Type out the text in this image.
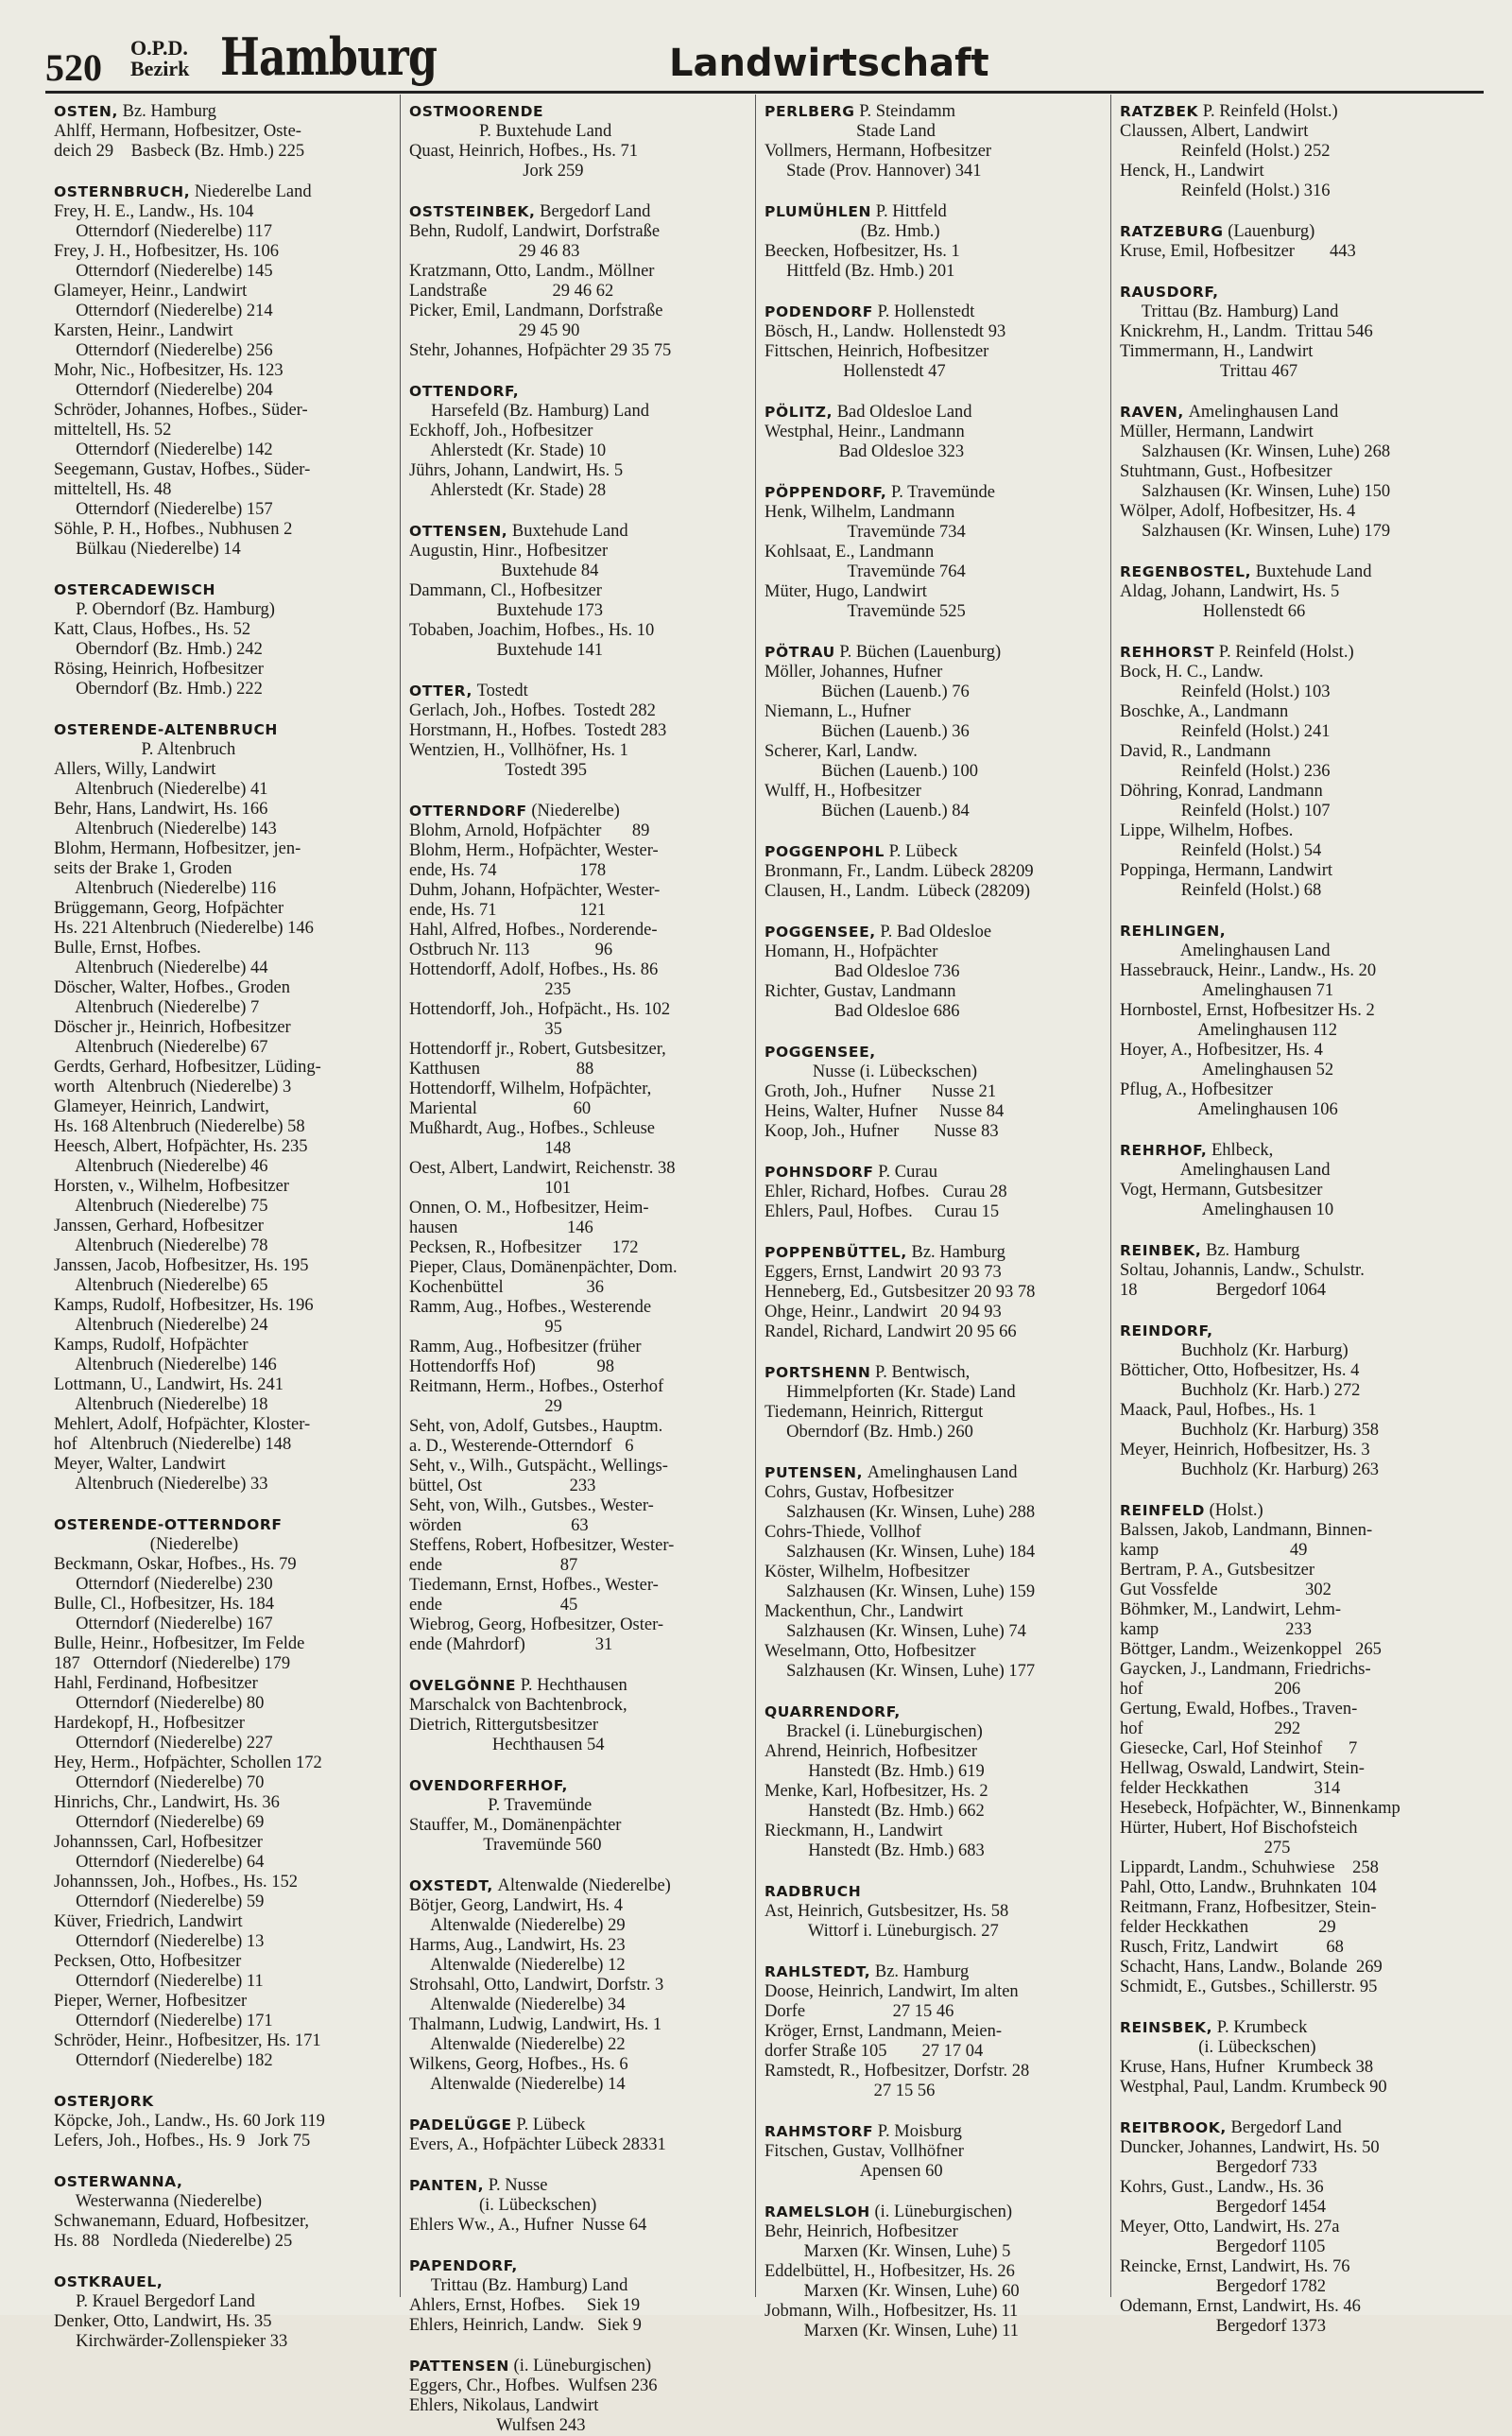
520 O.P.D.
Bezirk Hamburg	Landwirtschaft
OSTEN, Bz. Hamburg
Ahlff, Hermann, Hofbesitzer, Oste-
deich 29    Basbeck (Bz. Hmb.) 225
OSTERNBRUCH, Niederelbe Land
Frey, H. E., Landw., Hs. 104
Otterndorf (Niederelbe) 117
Frey, J. H., Hofbesitzer, Hs. 106
Otterndorf (Niederelbe) 145
Glameyer, Heinr., Landwirt
Otterndorf (Niederelbe) 214
Karsten, Heinr., Landwirt
Otterndorf (Niederelbe) 256
Mohr, Nic., Hofbesitzer, Hs. 123
Otterndorf (Niederelbe) 204
Schröder, Johannes, Hofbes., Süder-
mitteltell, Hs. 52
Otterndorf (Niederelbe) 142
Seegemann, Gustav, Hofbes., Süder-
mitteltell, Hs. 48
Otterndorf (Niederelbe) 157
Söhle, P. H., Hofbes., Nubhusen 2
Bülkau (Niederelbe) 14
OSTERCADEWISCH
P. Oberndorf (Bz. Hamburg)
Katt, Claus, Hofbes., Hs. 52
Oberndorf (Bz. Hmb.) 242
Rösing, Heinrich, Hofbesitzer
Oberndorf (Bz. Hmb.) 222
OSTERENDE-ALTENBRUCH
P. Altenbruch
Allers, Willy, Landwirt
Altenbruch (Niederelbe) 41
Behr, Hans, Landwirt, Hs. 166
Altenbruch (Niederelbe) 143
Blohm, Hermann, Hofbesitzer, jen-
seits der Brake 1, Groden
Altenbruch (Niederelbe) 116
Brüggemann, Georg, Hofpächter
Hs. 221 Altenbruch (Niederelbe) 146
Bulle, Ernst, Hofbes.
Altenbruch (Niederelbe) 44
Döscher, Walter, Hofbes., Groden
Altenbruch (Niederelbe) 7
Döscher jr., Heinrich, Hofbesitzer
Altenbruch (Niederelbe) 67
Gerdts, Gerhard, Hofbesitzer, Lüding-
worth   Altenbruch (Niederelbe) 3
Glameyer, Heinrich, Landwirt,
Hs. 168 Altenbruch (Niederelbe) 58
Heesch, Albert, Hofpächter, Hs. 235
Altenbruch (Niederelbe) 46
Horsten, v., Wilhelm, Hofbesitzer
Altenbruch (Niederelbe) 75
Janssen, Gerhard, Hofbesitzer
Altenbruch (Niederelbe) 78
Janssen, Jacob, Hofbesitzer, Hs. 195
Altenbruch (Niederelbe) 65
Kamps, Rudolf, Hofbesitzer, Hs. 196
Altenbruch (Niederelbe) 24
Kamps, Rudolf, Hofpächter
Altenbruch (Niederelbe) 146
Lottmann, U., Landwirt, Hs. 241
Altenbruch (Niederelbe) 18
Mehlert, Adolf, Hofpächter, Kloster-
hof   Altenbruch (Niederelbe) 148
Meyer, Walter, Landwirt
Altenbruch (Niederelbe) 33
OSTERENDE-OTTERNDORF
(Niederelbe)
Beckmann, Oskar, Hofbes., Hs. 79
Otterndorf (Niederelbe) 230
Bulle, Cl., Hofbesitzer, Hs. 184
Otterndorf (Niederelbe) 167
Bulle, Heinr., Hofbesitzer, Im Felde
187   Otterndorf (Niederelbe) 179
Hahl, Ferdinand, Hofbesitzer
Otterndorf (Niederelbe) 80
Hardekopf, H., Hofbesitzer
Otterndorf (Niederelbe) 227
Hey, Herm., Hofpächter, Schollen 172
Otterndorf (Niederelbe) 70
Hinrichs, Chr., Landwirt, Hs. 36
Otterndorf (Niederelbe) 69
Johannssen, Carl, Hofbesitzer
Otterndorf (Niederelbe) 64
Johannssen, Joh., Hofbes., Hs. 152
Otterndorf (Niederelbe) 59
Küver, Friedrich, Landwirt
Otterndorf (Niederelbe) 13
Pecksen, Otto, Hofbesitzer
Otterndorf (Niederelbe) 11
Pieper, Werner, Hofbesitzer
Otterndorf (Niederelbe) 171
Schröder, Heinr., Hofbesitzer, Hs. 171
Otterndorf (Niederelbe) 182
OSTERJORK
Köpcke, Joh., Landw., Hs. 60 Jork 119
Lefers, Joh., Hofbes., Hs. 9   Jork 75
OSTERWANNA,
Westerwanna (Niederelbe)
Schwanemann, Eduard, Hofbesitzer,
Hs. 88   Nordleda (Niederelbe) 25
OSTKRAUEL,
P. Krauel Bergedorf Land
Denker, Otto, Landwirt, Hs. 35
Kirchwärder-Zollenspieker 33
OSTMOORENDE
P. Buxtehude Land
Quast, Heinrich, Hofbes., Hs. 71
Jork 259
OSTSTEINBEK, Bergedorf Land
Behn, Rudolf, Landwirt, Dorfstraße
29 46 83
Kratzmann, Otto, Landm., Möllner
Landstraße               29 46 62
Picker, Emil, Landmann, Dorfstraße
29 45 90
Stehr, Johannes, Hofpächter 29 35 75
OTTENDORF,
Harsefeld (Bz. Hamburg) Land
Eckhoff, Joh., Hofbesitzer
Ahlerstedt (Kr. Stade) 10
Jührs, Johann, Landwirt, Hs. 5
Ahlerstedt (Kr. Stade) 28
OTTENSEN, Buxtehude Land
Augustin, Hinr., Hofbesitzer
Buxtehude 84
Dammann, Cl., Hofbesitzer
Buxtehude 173
Tobaben, Joachim, Hofbes., Hs. 10
Buxtehude 141
OTTER, Tostedt
Gerlach, Joh., Hofbes.  Tostedt 282
Horstmann, H., Hofbes.  Tostedt 283
Wentzien, H., Vollhöfner, Hs. 1
Tostedt 395
OTTERNDORF (Niederelbe)
Blohm, Arnold, Hofpächter       89
Blohm, Herm., Hofpächter, Wester-
ende, Hs. 74                   178
Duhm, Johann, Hofpächter, Wester-
ende, Hs. 71                   121
Hahl, Alfred, Hofbes., Norderende-
Ostbruch Nr. 113               96
Hottendorff, Adolf, Hofbes., Hs. 86
235
Hottendorff, Joh., Hofpächt., Hs. 102
35
Hottendorff jr., Robert, Gutsbesitzer,
Katthusen                      88
Hottendorff, Wilhelm, Hofpächter,
Mariental                      60
Mußhardt, Aug., Hofbes., Schleuse
148
Oest, Albert, Landwirt, Reichenstr. 38
101
Onnen, O. M., Hofbesitzer, Heim-
hausen                         146
Pecksen, R., Hofbesitzer       172
Pieper, Claus, Domänenpächter, Dom.
Kochenbüttel                   36
Ramm, Aug., Hofbes., Westerende
95
Ramm, Aug., Hofbesitzer (früher
Hottendorffs Hof)              98
Reitmann, Herm., Hofbes., Osterhof
29
Seht, von, Adolf, Gutsbes., Hauptm.
a. D., Westerende-Otterndorf   6
Seht, v., Wilh., Gutspächt., Wellings-
büttel, Ost                    233
Seht, von, Wilh., Gutsbes., Wester-
wörden                         63
Steffens, Robert, Hofbesitzer, Wester-
ende                           87
Tiedemann, Ernst, Hofbes., Wester-
ende                           45
Wiebrog, Georg, Hofbesitzer, Oster-
ende (Mahrdorf)                31
OVELGÖNNE P. Hechthausen
Marschalck von Bachtenbrock,
Dietrich, Rittergutsbesitzer
Hechthausen 54
OVENDORFERHOF,
P. Travemünde
Stauffer, M., Domänenpächter
Travemünde 560
OXSTEDT, Altenwalde (Niederelbe)
Bötjer, Georg, Landwirt, Hs. 4
Altenwalde (Niederelbe) 29
Harms, Aug., Landwirt, Hs. 23
Altenwalde (Niederelbe) 12
Strohsahl, Otto, Landwirt, Dorfstr. 3
Altenwalde (Niederelbe) 34
Thalmann, Ludwig, Landwirt, Hs. 1
Altenwalde (Niederelbe) 22
Wilkens, Georg, Hofbes., Hs. 6
Altenwalde (Niederelbe) 14
PADELÜGGE P. Lübeck
Evers, A., Hofpächter Lübeck 28331
PANTEN, P. Nusse
(i. Lübeckschen)
Ehlers Ww., A., Hufner  Nusse 64
PAPENDORF,
Trittau (Bz. Hamburg) Land
Ahlers, Ernst, Hofbes.     Siek 19
Ehlers, Heinrich, Landw.   Siek 9
PATTENSEN (i. Lüneburgischen)
Eggers, Chr., Hofbes.  Wulfsen 236
Ehlers, Nikolaus, Landwirt
Wulfsen 243
PERLBERG P. Steindamm
Stade Land
Vollmers, Hermann, Hofbesitzer
Stade (Prov. Hannover) 341
PLUMÜHLEN P. Hittfeld
(Bz. Hmb.)
Beecken, Hofbesitzer, Hs. 1
Hittfeld (Bz. Hmb.) 201
PODENDORF P. Hollenstedt
Bösch, H., Landw.  Hollenstedt 93
Fittschen, Heinrich, Hofbesitzer
Hollenstedt 47
PÖLITZ, Bad Oldesloe Land
Westphal, Heinr., Landmann
Bad Oldesloe 323
PÖPPENDORF, P. Travemünde
Henk, Wilhelm, Landmann
Travemünde 734
Kohlsaat, E., Landmann
Travemünde 764
Müter, Hugo, Landwirt
Travemünde 525
PÖTRAU P. Büchen (Lauenburg)
Möller, Johannes, Hufner
Büchen (Lauenb.) 76
Niemann, L., Hufner
Büchen (Lauenb.) 36
Scherer, Karl, Landw.
Büchen (Lauenb.) 100
Wulff, H., Hofbesitzer
Büchen (Lauenb.) 84
POGGENPOHL P. Lübeck
Bronmann, Fr., Landm. Lübeck 28209
Clausen, H., Landm.  Lübeck (28209)
POGGENSEE, P. Bad Oldesloe
Homann, H., Hofpächter
Bad Oldesloe 736
Richter, Gustav, Landmann
Bad Oldesloe 686
POGGENSEE,
Nusse (i. Lübeckschen)
Groth, Joh., Hufner       Nusse 21
Heins, Walter, Hufner     Nusse 84
Koop, Joh., Hufner        Nusse 83
POHNSDORF P. Curau
Ehler, Richard, Hofbes.   Curau 28
Ehlers, Paul, Hofbes.     Curau 15
POPPENBÜTTEL, Bz. Hamburg
Eggers, Ernst, Landwirt  20 93 73
Henneberg, Ed., Gutsbesitzer 20 93 78
Ohge, Heinr., Landwirt   20 94 93
Randel, Richard, Landwirt 20 95 66
PORTSHENN P. Bentwisch,
Himmelpforten (Kr. Stade) Land
Tiedemann, Heinrich, Rittergut
Oberndorf (Bz. Hmb.) 260
PUTENSEN, Amelinghausen Land
Cohrs, Gustav, Hofbesitzer
Salzhausen (Kr. Winsen, Luhe) 288
Cohrs-Thiede, Vollhof
Salzhausen (Kr. Winsen, Luhe) 184
Köster, Wilhelm, Hofbesitzer
Salzhausen (Kr. Winsen, Luhe) 159
Mackenthun, Chr., Landwirt
Salzhausen (Kr. Winsen, Luhe) 74
Weselmann, Otto, Hofbesitzer
Salzhausen (Kr. Winsen, Luhe) 177
QUARRENDORF,
Brackel (i. Lüneburgischen)
Ahrend, Heinrich, Hofbesitzer
Hanstedt (Bz. Hmb.) 619
Menke, Karl, Hofbesitzer, Hs. 2
Hanstedt (Bz. Hmb.) 662
Rieckmann, H., Landwirt
Hanstedt (Bz. Hmb.) 683
RADBRUCH
Ast, Heinrich, Gutsbesitzer, Hs. 58
Wittorf i. Lüneburgisch. 27
RAHLSTEDT, Bz. Hamburg
Doose, Heinrich, Landwirt, Im alten
Dorfe                    27 15 46
Kröger, Ernst, Landmann, Meien-
dorfer Straße 105        27 17 04
Ramstedt, R., Hofbesitzer, Dorfstr. 28
27 15 56
RAHMSTORF P. Moisburg
Fitschen, Gustav, Vollhöfner
Apensen 60
RAMELSLOH (i. Lüneburgischen)
Behr, Heinrich, Hofbesitzer
Marxen (Kr. Winsen, Luhe) 5
Eddelbüttel, H., Hofbesitzer, Hs. 26
Marxen (Kr. Winsen, Luhe) 60
Jobmann, Wilh., Hofbesitzer, Hs. 11
Marxen (Kr. Winsen, Luhe) 11
RATZBEK P. Reinfeld (Holst.)
Claussen, Albert, Landwirt
Reinfeld (Holst.) 252
Henck, H., Landwirt
Reinfeld (Holst.) 316
RATZEBURG (Lauenburg)
Kruse, Emil, Hofbesitzer        443
RAUSDORF,
Trittau (Bz. Hamburg) Land
Knickrehm, H., Landm.  Trittau 546
Timmermann, H., Landwirt
Trittau 467
RAVEN, Amelinghausen Land
Müller, Hermann, Landwirt
Salzhausen (Kr. Winsen, Luhe) 268
Stuhtmann, Gust., Hofbesitzer
Salzhausen (Kr. Winsen, Luhe) 150
Wölper, Adolf, Hofbesitzer, Hs. 4
Salzhausen (Kr. Winsen, Luhe) 179
REGENBOSTEL, Buxtehude Land
Aldag, Johann, Landwirt, Hs. 5
Hollenstedt 66
REHHORST P. Reinfeld (Holst.)
Bock, H. C., Landw.
Reinfeld (Holst.) 103
Boschke, A., Landmann
Reinfeld (Holst.) 241
David, R., Landmann
Reinfeld (Holst.) 236
Döhring, Konrad, Landmann
Reinfeld (Holst.) 107
Lippe, Wilhelm, Hofbes.
Reinfeld (Holst.) 54
Poppinga, Hermann, Landwirt
Reinfeld (Holst.) 68
REHLINGEN,
Amelinghausen Land
Hassebrauck, Heinr., Landw., Hs. 20
Amelinghausen 71
Hornbostel, Ernst, Hofbesitzer Hs. 2
Amelinghausen 112
Hoyer, A., Hofbesitzer, Hs. 4
Amelinghausen 52
Pflug, A., Hofbesitzer
Amelinghausen 106
REHRHOF, Ehlbeck,
Amelinghausen Land
Vogt, Hermann, Gutsbesitzer
Amelinghausen 10
REINBEK, Bz. Hamburg
Soltau, Johannis, Landw., Schulstr.
18                  Bergedorf 1064
REINDORF,
Buchholz (Kr. Harburg)
Bötticher, Otto, Hofbesitzer, Hs. 4
Buchholz (Kr. Harb.) 272
Maack, Paul, Hofbes., Hs. 1
Buchholz (Kr. Harburg) 358
Meyer, Heinrich, Hofbesitzer, Hs. 3
Buchholz (Kr. Harburg) 263
REINFELD (Holst.)
Balssen, Jakob, Landmann, Binnen-
kamp                              49
Bertram, P. A., Gutsbesitzer
Gut Vossfelde                    302
Böhmker, M., Landwirt, Lehm-
kamp                             233
Böttger, Landm., Weizenkoppel   265
Gaycken, J., Landmann, Friedrichs-
hof                              206
Gertung, Ewald, Hofbes., Traven-
hof                              292
Giesecke, Carl, Hof Steinhof      7
Hellwag, Oswald, Landwirt, Stein-
felder Heckkathen               314
Hesebeck, Hofpächter, W., Binnenkamp
Hürter, Hubert, Hof Bischofsteich
275
Lippardt, Landm., Schuhwiese    258
Pahl, Otto, Landw., Bruhnkaten  104
Reitmann, Franz, Hofbesitzer, Stein-
felder Heckkathen                29
Rusch, Fritz, Landwirt           68
Schacht, Hans, Landw., Bolande  269
Schmidt, E., Gutsbes., Schillerstr. 95
REINSBEK, P. Krumbeck
(i. Lübeckschen)
Kruse, Hans, Hufner   Krumbeck 38
Westphal, Paul, Landm. Krumbeck 90
REITBROOK, Bergedorf Land
Duncker, Johannes, Landwirt, Hs. 50
Bergedorf 733
Kohrs, Gust., Landw., Hs. 36
Bergedorf 1454
Meyer, Otto, Landwirt, Hs. 27a
Bergedorf 1105
Reincke, Ernst, Landwirt, Hs. 76
Bergedorf 1782
Odemann, Ernst, Landwirt, Hs. 46
Bergedorf 1373
